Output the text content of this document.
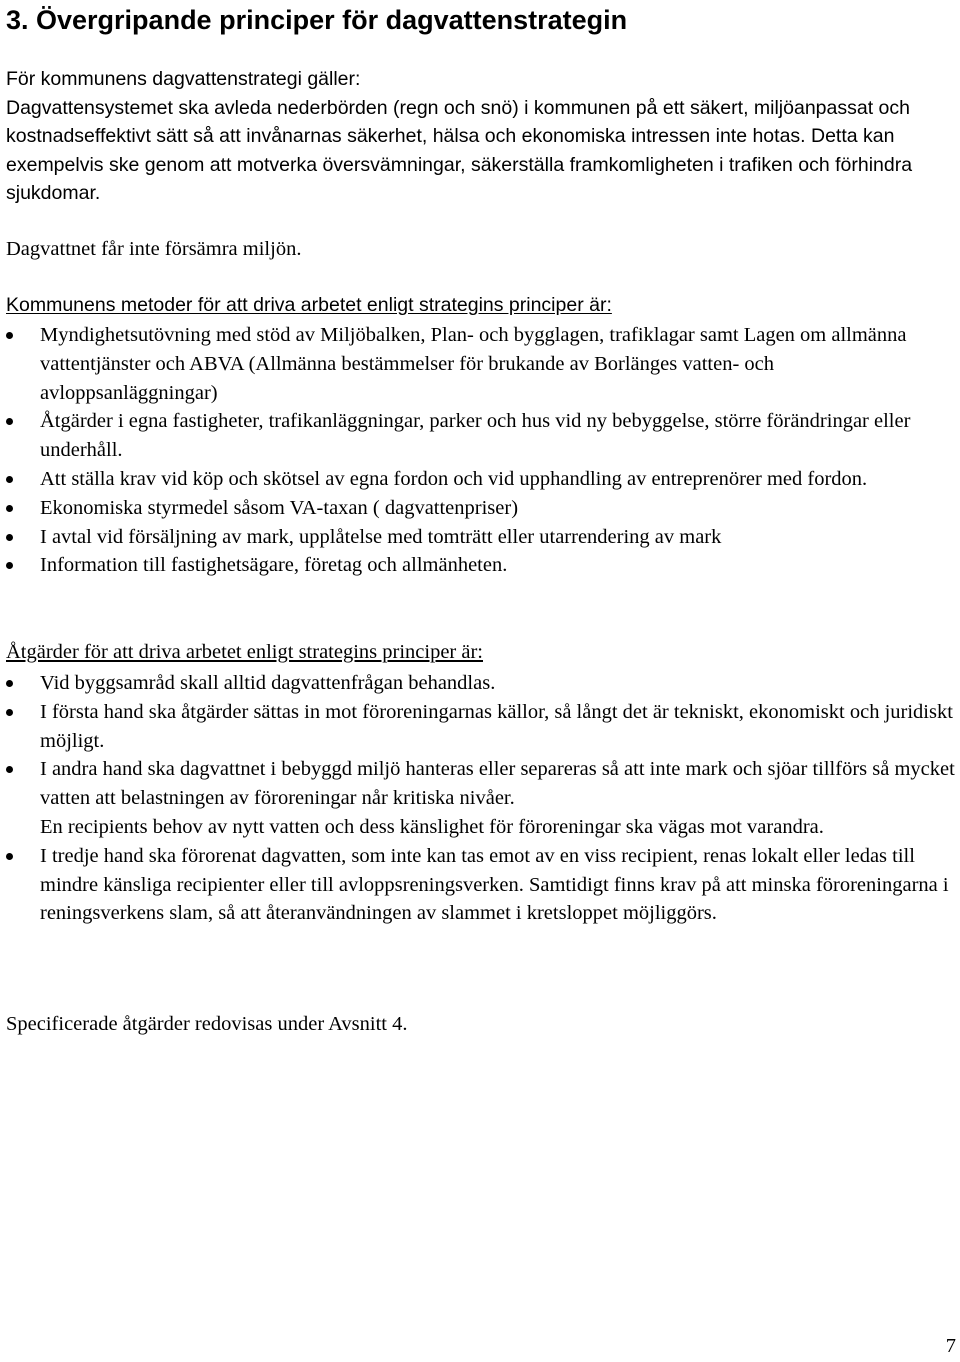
3. Övergripande principer för dagvattenstrategin

För kommunens dagvattenstrategi gäller:

Dagvattensystemet ska avleda nederbörden (regn och snö) i kommunen på ett säkert, miljöanpassat och kostnadseffektivt sätt så att invånarnas säkerhet, hälsa och ekonomiska intressen inte hotas. Detta kan exempelvis ske genom att motverka översvämningar, säkerställa framkomligheten i trafiken och förhindra sjukdomar.

Dagvattnet får inte försämra miljön.

Kommunens metoder för att driva arbetet enligt strategins principer är:

Myndighetsutövning med stöd av Miljöbalken, Plan- och bygglagen, trafiklagar samt Lagen om allmänna vattentjänster och ABVA (Allmänna bestämmelser för brukande av Borlänges vatten- och avloppsanläggningar)
Åtgärder i egna fastigheter, trafikanläggningar, parker och hus vid ny bebyggelse, större förändringar eller underhåll.
Att ställa krav vid köp och skötsel av egna fordon och vid upphandling av entreprenörer med fordon.
Ekonomiska styrmedel såsom VA-taxan ( dagvattenpriser)
I avtal vid försäljning av mark, upplåtelse med tomträtt eller utarrendering av mark
Information till fastighetsägare, företag och allmänheten.

Åtgärder för att driva arbetet enligt strategins principer är:

Vid byggsamråd skall alltid dagvattenfrågan behandlas.
I första hand ska åtgärder sättas in mot föroreningarnas källor, så långt det är tekniskt, ekonomiskt och juridiskt möjligt.

I andra hand ska dagvattnet i bebyggd miljö hanteras eller separeras så att inte mark och sjöar tillförs så mycket vatten att belastningen av föroreningar når kritiska nivåer.

En recipients behov av nytt vatten och dess känslighet för föroreningar ska vägas mot varandra.

I tredje hand ska förorenat dagvatten, som inte kan tas emot av en viss recipient, renas lokalt eller ledas till mindre känsliga recipienter eller till avloppsreningsverken. Samtidigt finns krav på att minska föroreningarna i reningsverkens slam, så att återanvändningen av slammet i kretsloppet möjliggörs.

Specificerade åtgärder redovisas under Avsnitt 4.

7
